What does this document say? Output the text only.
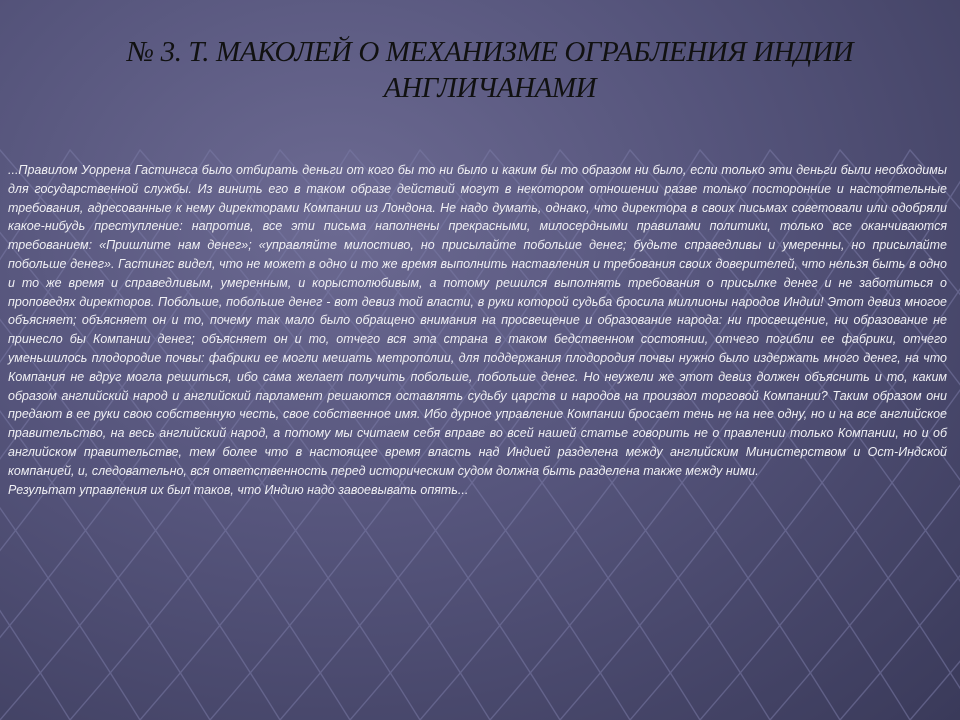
№ 3. Т. МАКОЛЕЙ О МЕХАНИЗМЕ ОГРАБЛЕНИЯ ИНДИИ
АНГЛИЧАНАМИ

...Правилом Уоррена Гастингса было отбирать деньги от кого бы то ни было и каким бы то образом ни было, если только эти деньги были необходимы для государственной службы. Из винить его в таком образе действий могут в некотором отношении разве только посторонние и настоятельные требования, адресованные к нему директорами Компании из Лондона. Не надо думать, однако, что директора в своих письмах советовали или одобряли какое-нибудь преступление: напротив, все эти письма наполнены прекрасными, милосердными правилами политики, только все оканчиваются требованием: «Пришлите нам денег»; «управляйте милостиво, но присылайте побольше денег; будьте справедливы и умеренны, но присылайте побольше денег». Гастингс видел, что не может в одно и то же время выполнить наставления и требования своих доверителей, что нельзя быть в одно и то же время и справедливым, умеренным, и корыстолюбивым, а потому решился выполнять требования о присылке денег и не заботиться о проповедях директоров. Побольше, побольше денег - вот девиз той власти, в руки которой судьба бросила миллионы народов Индии! Этот девиз многое объясняет; объясняет он и то, почему так мало было обращено внимания на просвещение и образование народа: ни просвещение, ни образование не принесло бы Компании денег; объясняет он и то, отчего вся эта страна в таком бедственном состоянии, отчего погибли ее фабрики, отчего уменьшилось плодородие почвы: фабрики ее могли мешать метрополии, для поддержания плодородия почвы нужно было издержать много денег, на что Компания не вдруг могла решиться, ибо сама желает получить побольше, побольше денег. Но неужели же этот девиз должен объяснить и то, каким образом английский народ и английский парламент решаются оставлять судьбу царств и народов на произвол торговой Компании? Таким образом они предают в ее руки свою собственную честь, свое собственное имя. Ибо дурное управление Компании бросает тень не на нее одну, но и на все английское правительство, на весь английский народ, а потому мы считаем себя вправе во всей нашей статье говорить не о правлении только Компании, но и об английском правительстве, тем более что в настоящее время власть над Индией разделена между английским Министерством и Ост-Индской компанией, и, следовательно, вся ответственность перед историческим судом должна быть разделена также между ними.

Результат управления их был таков, что Индию надо завоевывать опять...
